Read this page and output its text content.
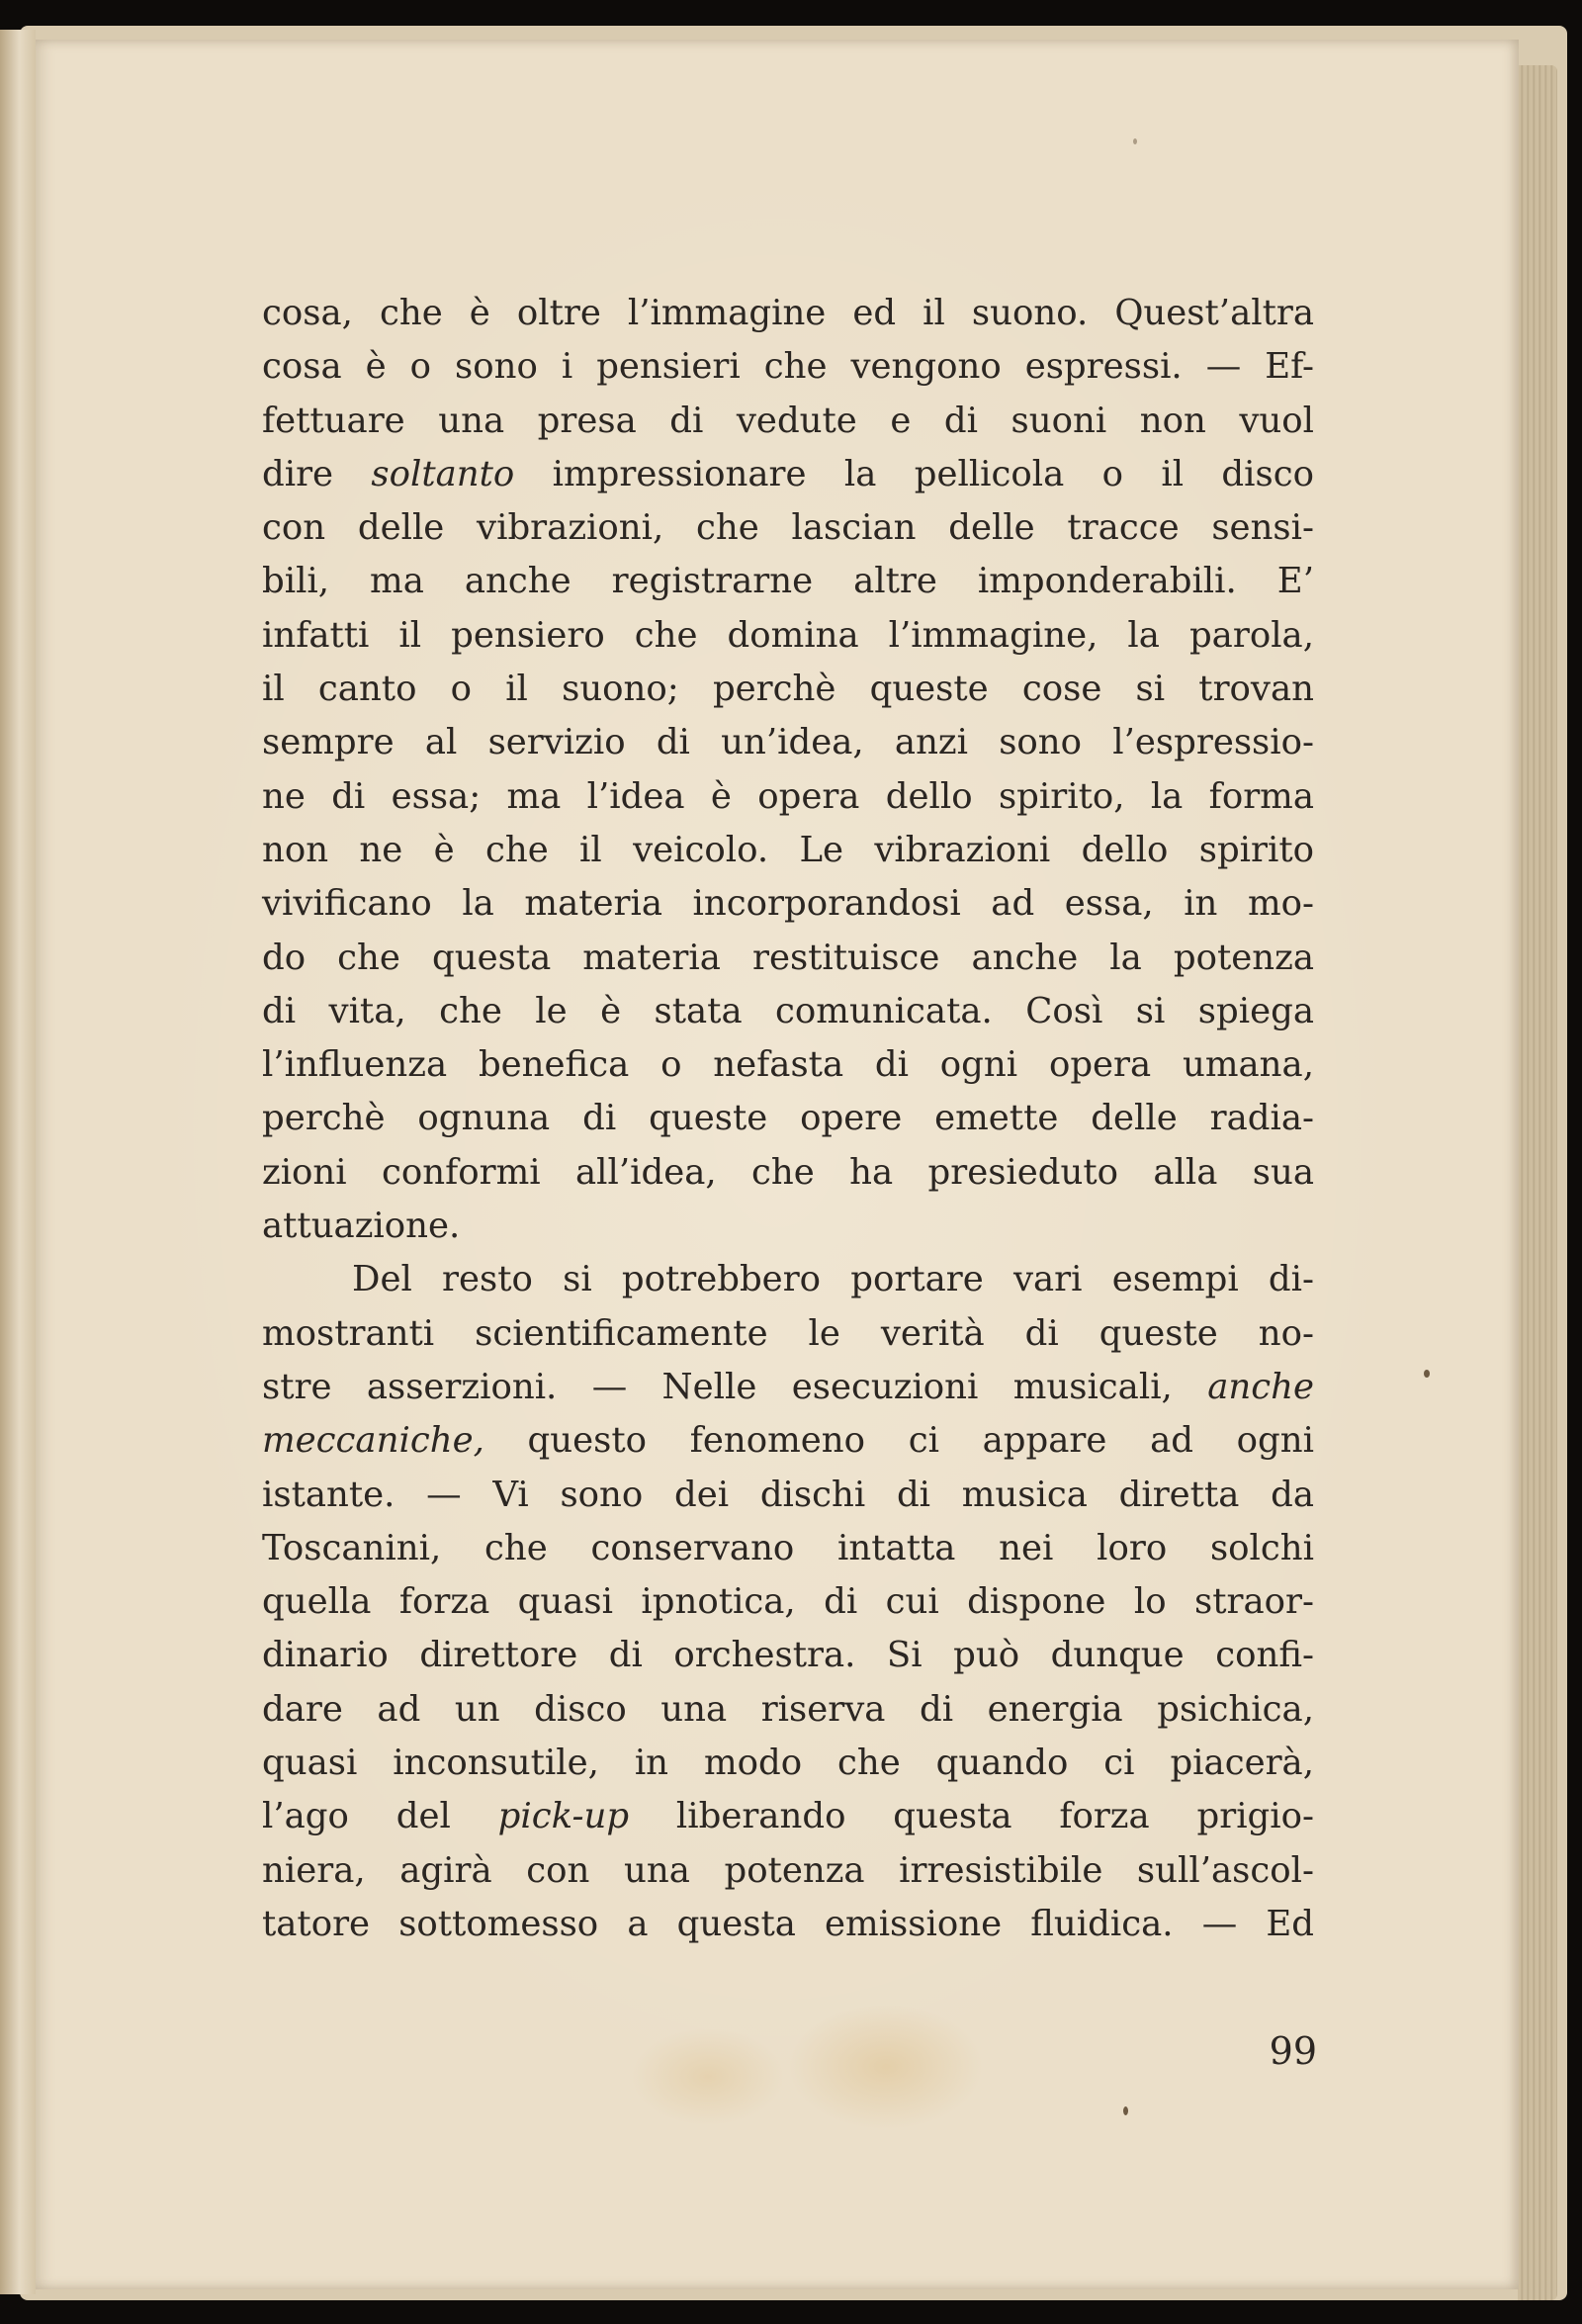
cosa, che è oltre l’immagine ed il suono. Quest’altra
cosa è o sono i pensieri che vengono espressi. — Ef-
fettuare una presa di vedute e di suoni non vuol
dire soltanto impressionare la pellicola o il disco
con delle vibrazioni, che lascian delle tracce sensi-
bili, ma anche registrarne altre imponderabili. E’
infatti il pensiero che domina l’immagine, la parola,
il canto o il suono; perchè queste cose si trovan
sempre al servizio di un’idea, anzi sono l’espressio-
ne di essa; ma l’idea è opera dello spirito, la forma
non ne è che il veicolo. Le vibrazioni dello spirito
vivificano la materia incorporandosi ad essa, in mo-
do che questa materia restituisce anche la potenza
di vita, che le è stata comunicata. Così si spiega
l’influenza benefica o nefasta di ogni opera umana,
perchè ognuna di queste opere emette delle radia-
zioni conformi all’idea, che ha presieduto alla sua
attuazione.
Del resto si potrebbero portare vari esempi di-
mostranti scientificamente le verità di queste no-
stre asserzioni. — Nelle esecuzioni musicali, anche
meccaniche, questo fenomeno ci appare ad ogni
istante. — Vi sono dei dischi di musica diretta da
Toscanini, che conservano intatta nei loro solchi
quella forza quasi ipnotica, di cui dispone lo straor-
dinario direttore di orchestra. Si può dunque confi-
dare ad un disco una riserva di energia psichica,
quasi inconsutile, in modo che quando ci piacerà,
l’ago del pick-up liberando questa forza prigio-
niera, agirà con una potenza irresistibile sull’ascol-
tatore sottomesso a questa emissione fluidica. — Ed
99
